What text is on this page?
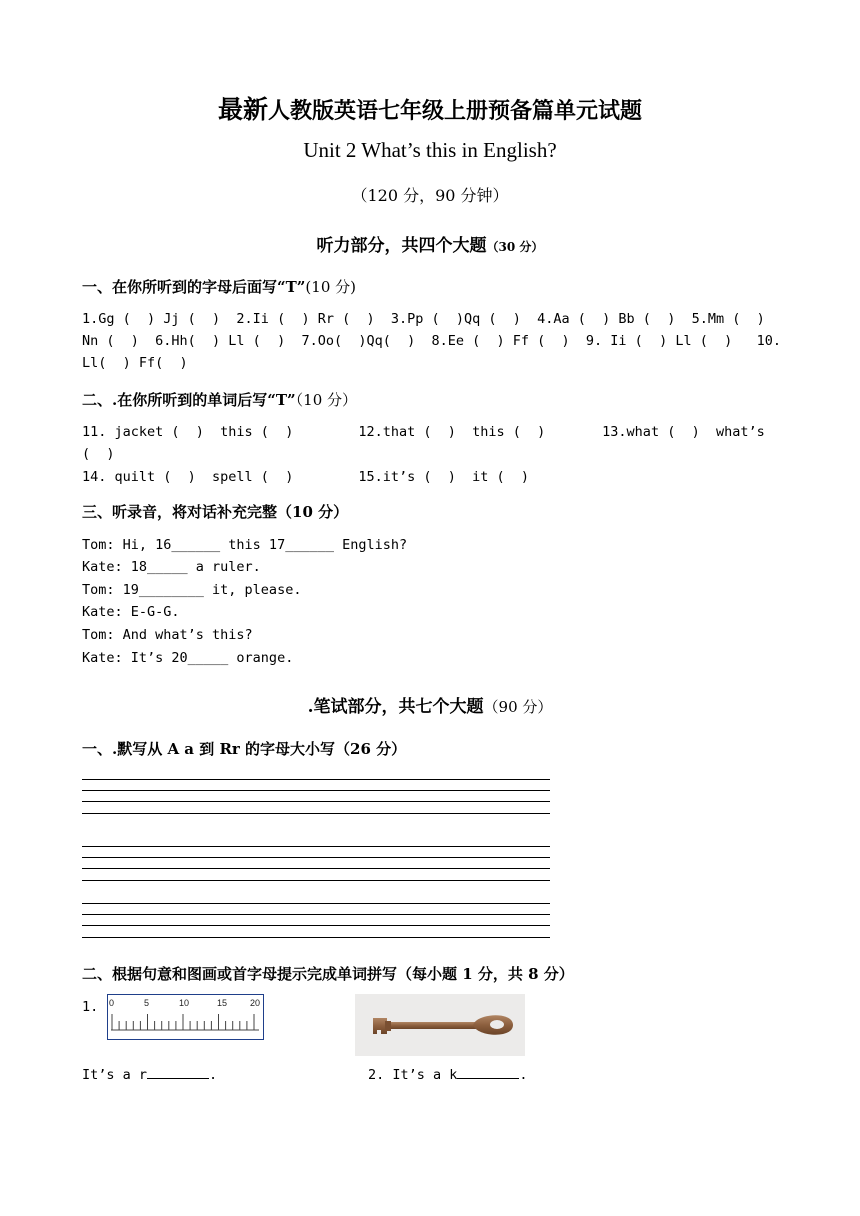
最新人教版英语七年级上册预备篇单元试题
Unit 2 What’s this in English?
（120 分，90 分钟）
听力部分，共四个大题（30 分）
一、在你所听到的字母后面写“T”(10 分)
1.Gg (  ) Jj (  )  2.Ii (  ) Rr (  )  3.Pp (  )Qq (  )  4.Aa (  ) Bb (  )  5.Mm (  )
Nn (  )  6.Hh(  ) Ll (  )  7.Oo(  )Qq(  )  8.Ee (  ) Ff (  )  9. Ii (  ) Ll (  )   10.
Ll(  ) Ff(  )
二、.在你所听到的单词后写“T”（10 分）
11. jacket (  )  this (  )        12.that (  )  this (  )       13.what (  )  what’s
(  )
14. quilt (  )  spell (  )        15.it’s (  )  it (  )
三、听录音，将对话补充完整（10 分）
Tom: Hi, 16______ this 17______ English?
Kate: 18_____ a ruler.
Tom: 19________ it, please.
Kate: E-G-G.
Tom: And what’s this?
Kate: It’s 20_____ orange.
.笔试部分，共七个大题（90 分）
一、.默写从 A a 到 Rr 的字母大小写（26 分）
二、根据句意和图画或首字母提示完成单词拼写（每小题 1 分，共 8 分）
1. 0	5	10	15	20
It’s a r	.	2. It’s a k	.
